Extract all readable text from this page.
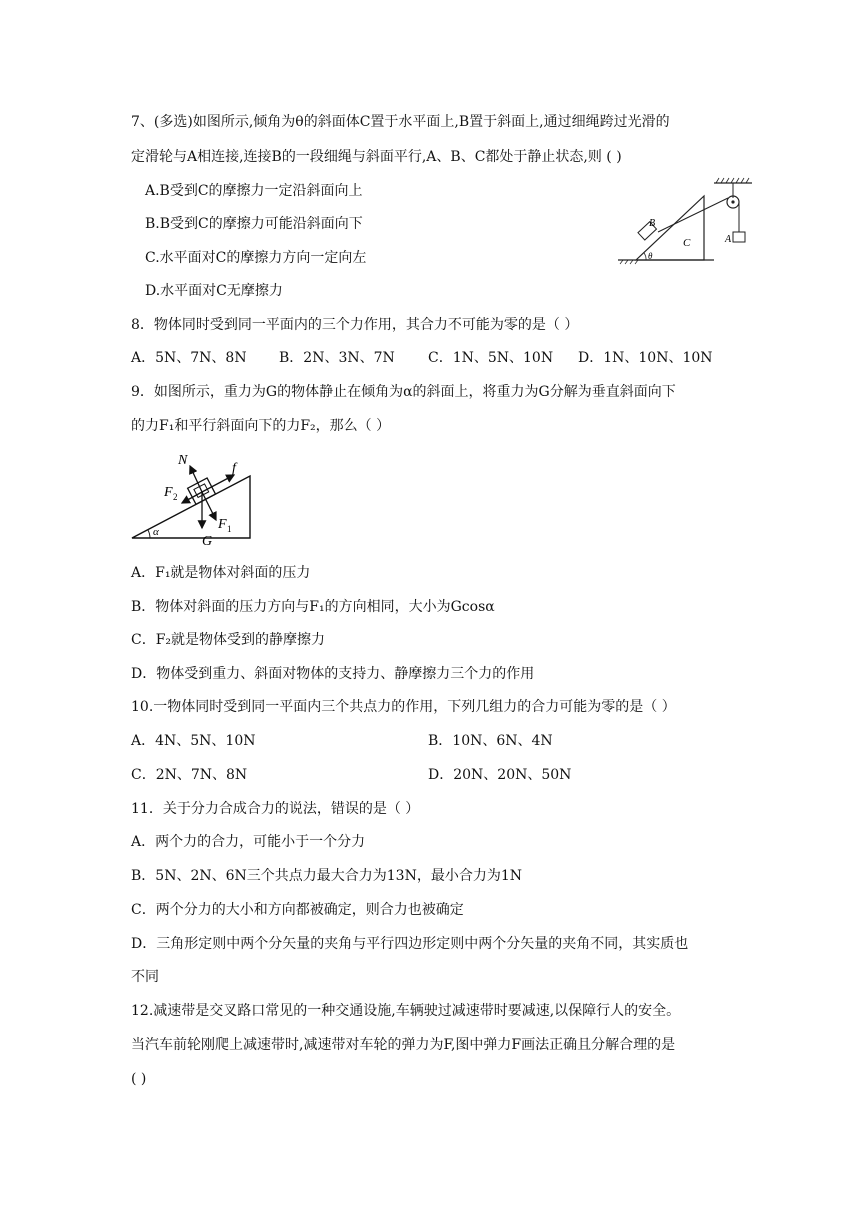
7、(多选)如图所示,倾角为θ的斜面体C置于水平面上,B置于斜面上,通过细绳跨过光滑的
定滑轮与A相连接,连接B的一段细绳与斜面平行,A、B、C都处于静止状态,则 ( )
A.B受到C的摩擦力一定沿斜面向上
B.B受到C的摩擦力可能沿斜面向下
C.水平面对C的摩擦力方向一定向左
D.水平面对C无摩擦力
θ
B
C	A
8．物体同时受到同一平面内的三个力作用，其合力不可能为零的是（ ）
A．5N、7N、8N B．2N、3N、7N C．1N、5N、10N D．1N、10N、10N
9．如图所示，重力为G的物体静止在倾角为α的斜面上，将重力为G分解为垂直斜面向下
的力F₁和平行斜面向下的力F₂，那么（ ）
α
N
f
F 2
F 1
G
A．F₁就是物体对斜面的压力
B．物体对斜面的压力方向与F₁的方向相同，大小为Gcosα
C．F₂就是物体受到的静摩擦力
D．物体受到重力、斜面对物体的支持力、静摩擦力三个力的作用
10.一物体同时受到同一平面内三个共点力的作用，下列几组力的合力可能为零的是（ ）
A．4N、5N、10N	B．10N、6N、4N
C．2N、7N、8N	D．20N、20N、50N
11．关于分力合成合力的说法，错误的是（ ）
A．两个力的合力，可能小于一个分力
B．5N、2N、6N三个共点力最大合力为13N，最小合力为1N
C．两个分力的大小和方向都被确定，则合力也被确定
D．三角形定则中两个分矢量的夹角与平行四边形定则中两个分矢量的夹角不同，其实质也
不同
12.减速带是交叉路口常见的一种交通设施,车辆驶过减速带时要减速,以保障行人的安全。
当汽车前轮刚爬上减速带时,减速带对车轮的弹力为F,图中弹力F画法正确且分解合理的是
( )
